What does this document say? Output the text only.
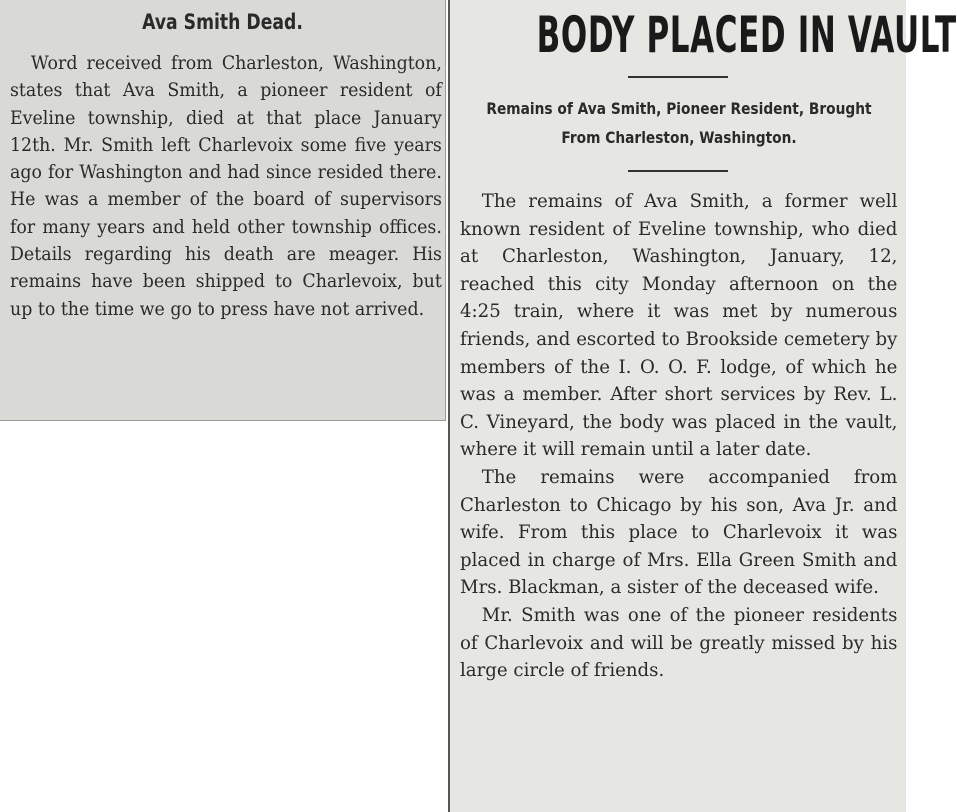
Ava Smith Dead.

Word received from Charleston, Washington, states that Ava Smith, a pioneer resident of Eveline township, died at that place January 12th. Mr. Smith left Charlevoix some five years ago for Washington and had since resided there. He was a member of the board of supervisors for many years and held other township offices. Details regarding his death are meager. His remains have been shipped to Charlevoix, but up to the time we go to press have not arrived.

BODY PLACED IN VAULT
Remains of Ava Smith, Pioneer Resident, Brought
From Charleston, Washington.

The remains of Ava Smith, a former well known resident of Eveline township, who died at Charleston, Washington, January, 12, reached this city Monday afternoon on the 4:25 train, where it was met by numerous friends, and escorted to Brookside cemetery by members of the I. O. O. F. lodge, of which he was a member. After short services by Rev. L. C. Vineyard, the body was placed in the vault, where it will remain until a later date.

The remains were accompanied from Charleston to Chicago by his son, Ava Jr. and wife. From this place to Charlevoix it was placed in charge of Mrs. Ella Green Smith and Mrs. Blackman, a sister of the deceased wife.

Mr. Smith was one of the pioneer residents of Charlevoix and will be greatly missed by his large circle of friends.
